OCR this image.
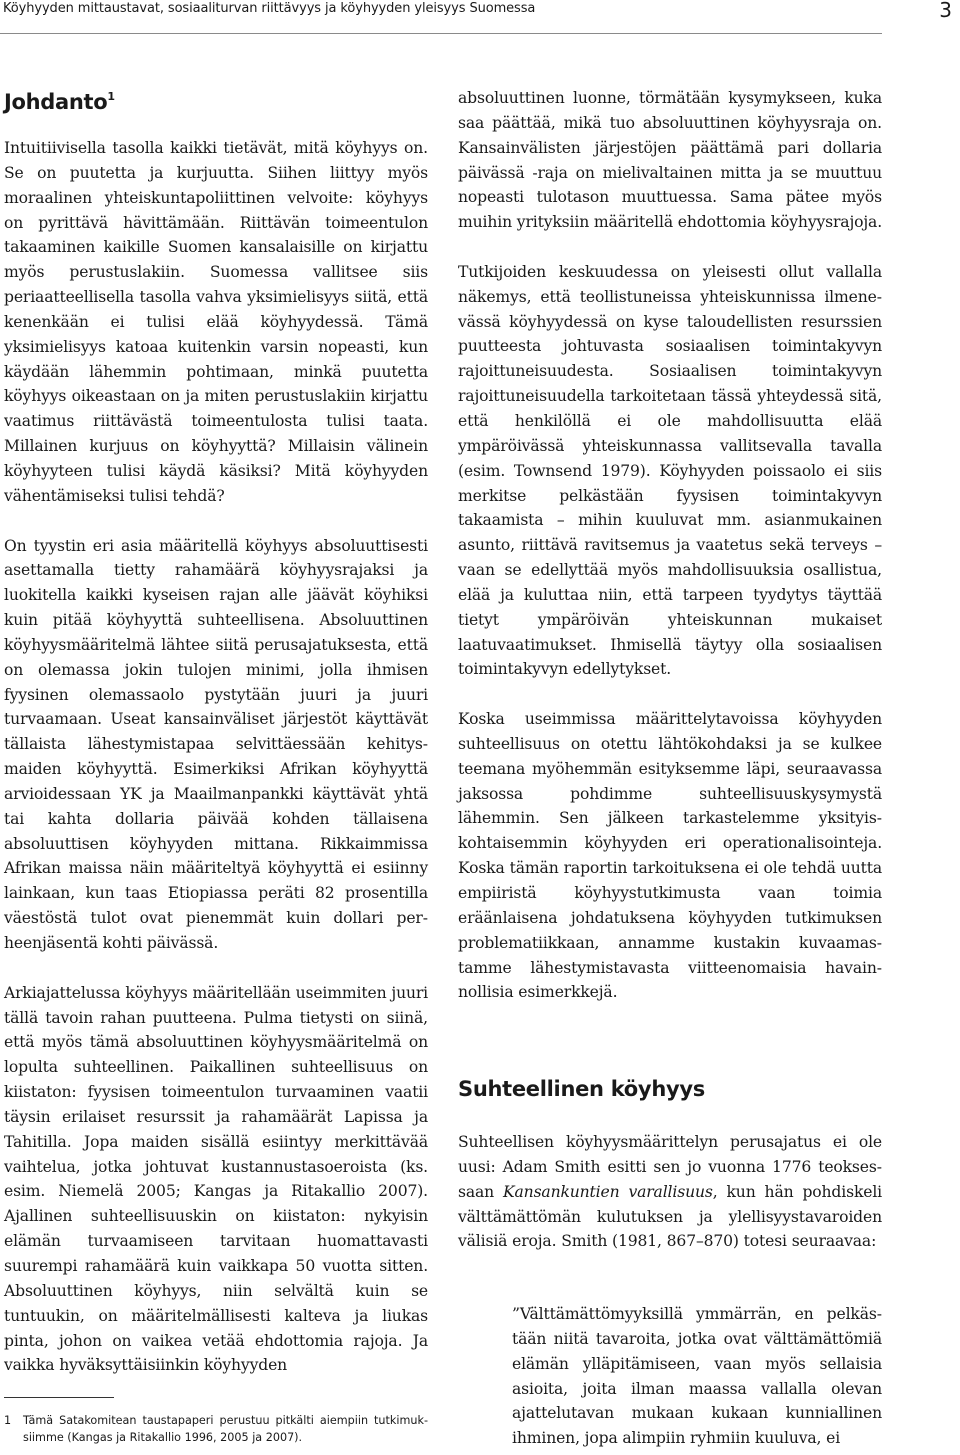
Köyhyyden mittaustavat, sosiaaliturvan riittävyys ja köyhyyden yleisyys Suomessa	3
Johdanto$^1$

Intuitiivisella tasolla kaikki tietävät, mitä köyhyys on. Se on puutetta ja kurjuutta. Siihen liittyy myös moraalinen yhteiskuntapoliittinen velvoite: köyhyys on pyrittävä hävittämään. Riittävän toimeentulon takaaminen kaikille Suomen kansalaisille on kirjattu myös perustuslakiin. Suomessa vallitsee siis periaatteellisella tasolla vahva yksimielisyys siitä, että kenenkään ei tulisi elää köyhyydessä. Tämä yksimielisyys katoaa kuitenkin varsin nopeasti, kun käydään lähemmin pohtimaan, minkä puutetta köyhyys oikeastaan on ja miten perustuslakiin kirjattu vaatimus riittävästä toimeentulosta tulisi taata. Millainen kurjuus on köyhyyttä? Millaisin välinein köyhyyteen tulisi käydä käsiksi? Mitä köyhyyden vähentämiseksi tulisi tehdä?

On tyystin eri asia määritellä köyhyys absoluuttisesti asettamalla tietty rahamäärä köyhyysrajaksi ja luokitella kaikki kyseisen rajan alle jäävät köyhiksi kuin pitää köyhyyttä suhteellisena. Absoluuttinen köyhyysmääritelmä lähtee siitä perusajatuksesta, että on olemassa jokin tulojen minimi, jolla ihmisen fyysinen olemassaolo pystytään juuri ja juuri turvaamaan. Useat kansainväliset järjestöt käyttävät tällaista lähestymistapaa selvittäessään kehitysmaiden köyhyyttä. Esimerkiksi Afrikan köyhyyttä arvioidessaan YK ja Maailmanpankki käyttävät yhtä tai kahta dollaria päivää kohden tällaisena absoluuttisen köyhyyden mittana. Rikkaimmissa Afrikan maissa näin määriteltyä köyhyyttä ei esiinny lainkaan, kun taas Etiopiassa peräti 82 prosentilla väestöstä tulot ovat pienemmät kuin dollari perheenjäsentä kohti päivässä.

Arkiajattelussa köyhyys määritellään useimmiten juuri tällä tavoin rahan puutteena. Pulma tietysti on siinä, että myös tämä absoluuttinen köyhyysmääritelmä on lopulta suhteellinen. Paikallinen suhteellisuus on kiistaton: fyysisen toimeentulon turvaaminen vaatii täysin erilaiset resurssit ja rahamäärät Lapissa ja Tahitilla. Jopa maiden sisällä esiintyy merkittävää vaihtelua, jotka johtuvat kustannustasoeroista (ks. esim. Niemelä 2005; Kangas ja Ritakallio 2007). Ajallinen suhteellisuuskin on kiistaton: nykyisin elämän turvaamiseen tarvitaan huomattavasti suurempi rahamäärä kuin vaikkapa 50 vuotta sitten. Absoluuttinen köyhyys, niin selvältä kuin se tuntuukin, on määritelmällisesti kalteva ja liukas pinta, johon on vaikea vetää ehdottomia rajoja. Ja vaikka hyväksyttäisiinkin köyhyyden

absoluuttinen luonne, törmätään kysymykseen, kuka saa päättää, mikä tuo absoluuttinen köyhyysraja on. Kansainvälisten järjestöjen päättämä pari dollaria päivässä -raja on mielivaltainen mitta ja se muuttuu nopeasti tulotason muuttuessa. Sama pätee myös muihin yrityksiin määritellä ehdottomia köyhyysrajoja.

Tutkijoiden keskuudessa on yleisesti ollut vallalla näkemys, että teollistuneissa yhteiskunnissa ilmenevässä köyhyydessä on kyse taloudellisten resurssien puutteesta johtuvasta sosiaalisen toimintakyvyn rajoittuneisuudesta. Sosiaalisen toimintakyvyn rajoittuneisuudella tarkoitetaan tässä yhteydessä sitä, että henkilöllä ei ole mahdollisuutta elää ympäröivässä yhteiskunnassa vallitsevalla tavalla (esim. Townsend 1979). Köyhyyden poissaolo ei siis merkitse pelkästään fyysisen toimintakyvyn takaamista – mihin kuuluvat mm. asianmukainen asunto, riittävä ravitsemus ja vaatetus sekä terveys – vaan se edellyttää myös mahdollisuuksia osallistua, elää ja kuluttaa niin, että tarpeen tyydytys täyttää tietyt ympäröivän yhteiskunnan mukaiset laatuvaatimukset. Ihmisellä täytyy olla sosiaalisen toimintakyvyn edellytykset.

Koska useimmissa määrittelytavoissa köyhyyden suhteellisuus on otettu lähtökohdaksi ja se kulkee teemana myöhemmän esityksemme läpi, seuraavassa jaksossa pohdimme suhteellisuuskysymystä lähemmin. Sen jälkeen tarkastelemme yksityiskohtaisemmin köyhyyden eri operationalisointeja. Koska tämän raportin tarkoituksena ei ole tehdä uutta empiiristä köyhyystutkimusta vaan toimia eräänlaisena johdatuksena köyhyyden tutkimuksen problematiikkaan, annamme kustakin kuvaamastamme lähestymistavasta viitteenomaisia havainnollisia esimerkkejä.

Suhteellinen köyhyys

Suhteellisen köyhyysmäärittelyn perusajatus ei ole uusi: Adam Smith esitti sen jo vuonna 1776 teoksessaan Kansankuntien varallisuus, kun hän pohdiskeli välttämättömän kulutuksen ja ylellisyystavaroiden välisiä eroja. Smith (1981, 867–870) totesi seuraavaa:

”Välttämättömyyksillä ymmärrän, en pelkästään niitä tavaroita, jotka ovat välttämättömiä elämän ylläpitämiseen, vaan myös sellaisia asioita, joita ilman maassa vallalla olevan ajattelutavan mukaan kukaan kunniallinen ihminen, jopa alimpiin ryhmiin kuuluva, ei
1 Tämä Satakomitean taustapaperi perustuu pitkälti aiempiin tutkimuksiimme (Kangas ja Ritakallio 1996, 2005 ja 2007).
